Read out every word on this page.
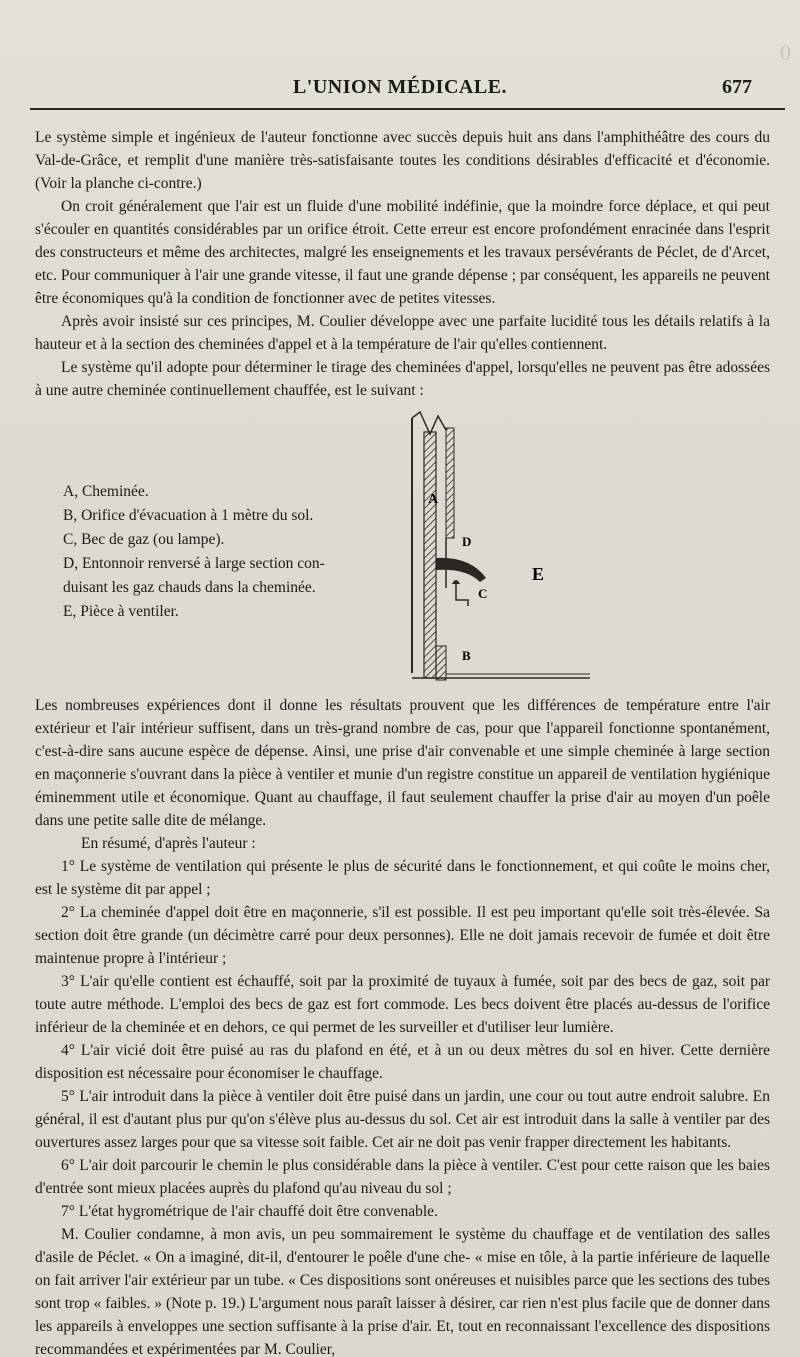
0
L'UNION MÉDICALE.	677

Le système simple et ingénieux de l'auteur fonctionne avec succès depuis huit ans dans l'amphithéâtre des cours du Val-de-Grâce, et remplit d'une manière très-satisfaisante toutes les conditions désirables d'efficacité et d'économie. (Voir la planche ci-contre.)

On croit généralement que l'air est un fluide d'une mobilité indéfinie, que la moindre force déplace, et qui peut s'écouler en quantités considérables par un orifice étroit. Cette erreur est encore profondément enracinée dans l'esprit des constructeurs et même des architectes, malgré les enseignements et les travaux persévérants de Péclet, de d'Arcet, etc. Pour communiquer à l'air une grande vitesse, il faut une grande dépense ; par conséquent, les appareils ne peuvent être économiques qu'à la condition de fonctionner avec de petites vitesses.

Après avoir insisté sur ces principes, M. Coulier développe avec une parfaite lucidité tous les détails relatifs à la hauteur et à la section des cheminées d'appel et à la température de l'air qu'elles contiennent.

Le système qu'il adopte pour déterminer le tirage des cheminées d'appel, lorsqu'elles ne peuvent pas être adossées à une autre cheminée continuellement chauffée, est le suivant :

A, Cheminée.
B, Orifice d'évacuation à 1 mètre du sol.
C, Bec de gaz (ou lampe).
D, Entonnoir renversé à large section con-
duisant les gaz chauds dans la cheminée.
E, Pièce à ventiler.
A
D
E
C
B

Les nombreuses expériences dont il donne les résultats prouvent que les différences de température entre l'air extérieur et l'air intérieur suffisent, dans un très-grand nombre de cas, pour que l'appareil fonctionne spontanément, c'est-à-dire sans aucune espèce de dépense. Ainsi, une prise d'air convenable et une simple cheminée à large section en maçonnerie s'ouvrant dans la pièce à ventiler et munie d'un registre constitue un appareil de ventilation hygiénique éminemment utile et économique. Quant au chauffage, il faut seulement chauffer la prise d'air au moyen d'un poêle dans une petite salle dite de mélange.

En résumé, d'après l'auteur :

1° Le système de ventilation qui présente le plus de sécurité dans le fonctionnement, et qui coûte le moins cher, est le système dit par appel ;

2° La cheminée d'appel doit être en maçonnerie, s'il est possible. Il est peu important qu'elle soit très-élevée. Sa section doit être grande (un décimètre carré pour deux personnes). Elle ne doit jamais recevoir de fumée et doit être maintenue propre à l'intérieur ;

3° L'air qu'elle contient est échauffé, soit par la proximité de tuyaux à fumée, soit par des becs de gaz, soit par toute autre méthode. L'emploi des becs de gaz est fort commode. Les becs doivent être placés au-dessus de l'orifice inférieur de la cheminée et en dehors, ce qui permet de les surveiller et d'utiliser leur lumière.

4° L'air vicié doit être puisé au ras du plafond en été, et à un ou deux mètres du sol en hiver. Cette dernière disposition est nécessaire pour économiser le chauffage.

5° L'air introduit dans la pièce à ventiler doit être puisé dans un jardin, une cour ou tout autre endroit salubre. En général, il est d'autant plus pur qu'on s'élève plus au-dessus du sol. Cet air est introduit dans la salle à ventiler par des ouvertures assez larges pour que sa vitesse soit faible. Cet air ne doit pas venir frapper directement les habitants.

6° L'air doit parcourir le chemin le plus considérable dans la pièce à ventiler. C'est pour cette raison que les baies d'entrée sont mieux placées auprès du plafond qu'au niveau du sol ;

7° L'état hygrométrique de l'air chauffé doit être convenable.

M. Coulier condamne, à mon avis, un peu sommairement le système du chauffage et de ventilation des salles d'asile de Péclet. « On a imaginé, dit-il, d'entourer le poêle d'une che- « mise en tôle, à la partie inférieure de laquelle on fait arriver l'air extérieur par un tube. « Ces dispositions sont onéreuses et nuisibles parce que les sections des tubes sont trop « faibles. » (Note p. 19.) L'argument nous paraît laisser à désirer, car rien n'est plus facile que de donner dans les appareils à enveloppes une section suffisante à la prise d'air. Et, tout en reconnaissant l'excellence des dispositions recommandées et expérimentées par M. Coulier,
